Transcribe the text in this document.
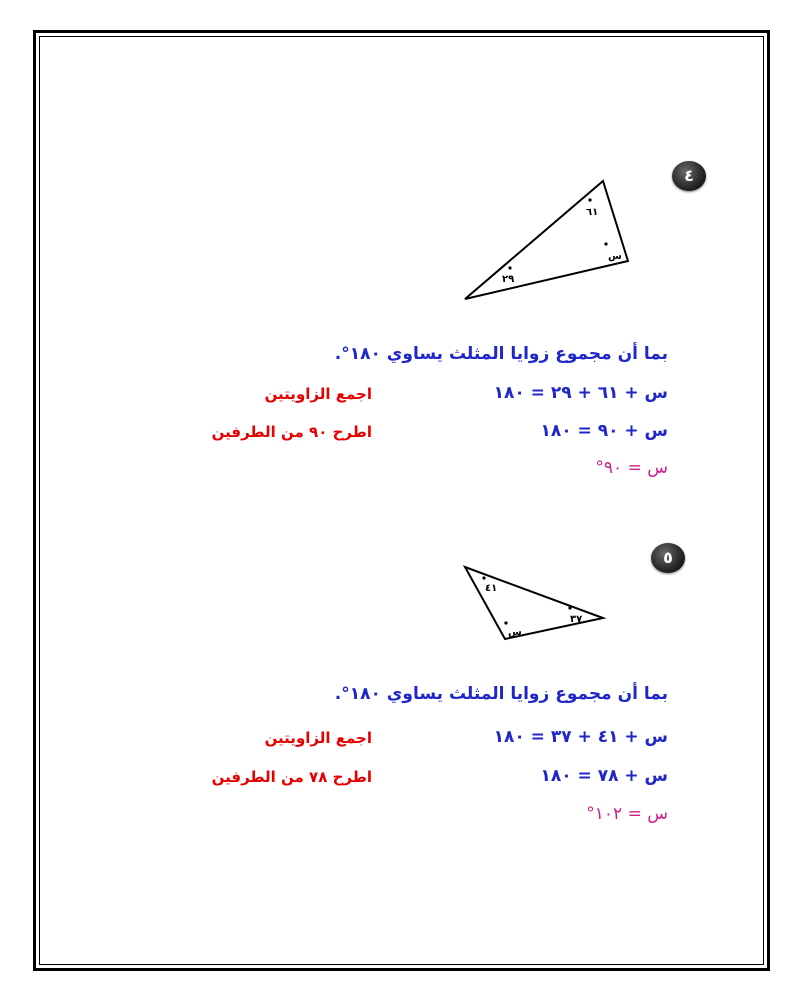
٤
٦١
٢٩
س
بما أن مجموع زوايا المثلث يساوي ١٨٠°.
س + ٦١ + ٢٩ = ١٨٠
اجمع الزاويتين
س + ٩٠ = ١٨٠
اطرح ٩٠ من الطرفين
س = ٩٠°
٥
٤١
٣٧
س
بما أن مجموع زوايا المثلث يساوي ١٨٠°.
س + ٤١ + ٣٧ = ١٨٠
اجمع الزاويتين
س + ٧٨ = ١٨٠
اطرح ٧٨ من الطرفين
س = ١٠٢°
